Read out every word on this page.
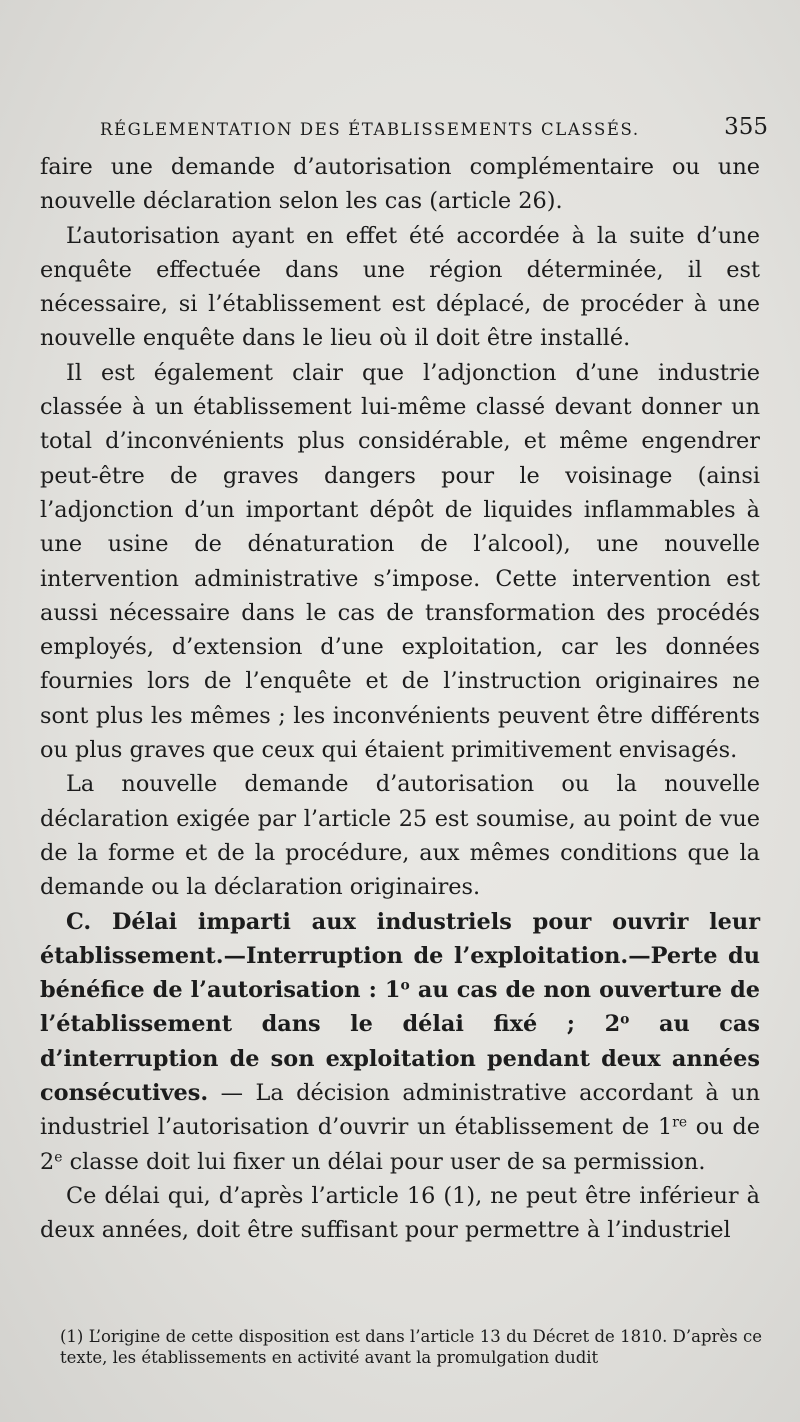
RÉGLEMENTATION DES ÉTABLISSEMENTS CLASSÉS.	355

faire une demande d’autorisation complémentaire ou une nouvelle déclaration selon les cas (article 26).

L’autorisation ayant en effet été accordée à la suite d’une enquête effectuée dans une région déterminée, il est nécessaire, si l’établissement est déplacé, de procéder à une nouvelle enquête dans le lieu où il doit être installé.

Il est également clair que l’adjonction d’une industrie classée à un établissement lui-même classé devant donner un total d’inconvénients plus considérable, et même engendrer peut-être de graves dangers pour le voisinage (ainsi l’adjonction d’un important dépôt de liquides inflammables à une usine de dénaturation de l’alcool), une nouvelle intervention administrative s’impose. Cette intervention est aussi nécessaire dans le cas de transformation des procédés employés, d’extension d’une exploitation, car les données fournies lors de l’enquête et de l’instruction originaires ne sont plus les mêmes ; les inconvénients peuvent être différents ou plus graves que ceux qui étaient primitivement envisagés.

La nouvelle demande d’autorisation ou la nouvelle déclaration exigée par l’article 25 est soumise, au point de vue de la forme et de la procédure, aux mêmes conditions que la demande ou la déclaration originaires.

C. Délai imparti aux industriels pour ouvrir leur établissement.—Interruption de l’exploitation.—Perte du bénéfice de l’autorisation : 1$^o$ au cas de non ouverture de l’établissement dans le délai fixé ; 2$^o$ au cas d’interruption de son exploitation pendant deux années consécutives. — La décision administrative accordant à un industriel l’autorisation d’ouvrir un établissement de 1re ou de 2e classe doit lui fixer un délai pour user de sa permission.

Ce délai qui, d’après l’article 16 (1), ne peut être inférieur à deux années, doit être suffisant pour permettre à l’industriel

(1) L’origine de cette disposition est dans l’article 13 du Décret de 1810. D’après ce texte, les établissements en activité avant la promulgation dudit
